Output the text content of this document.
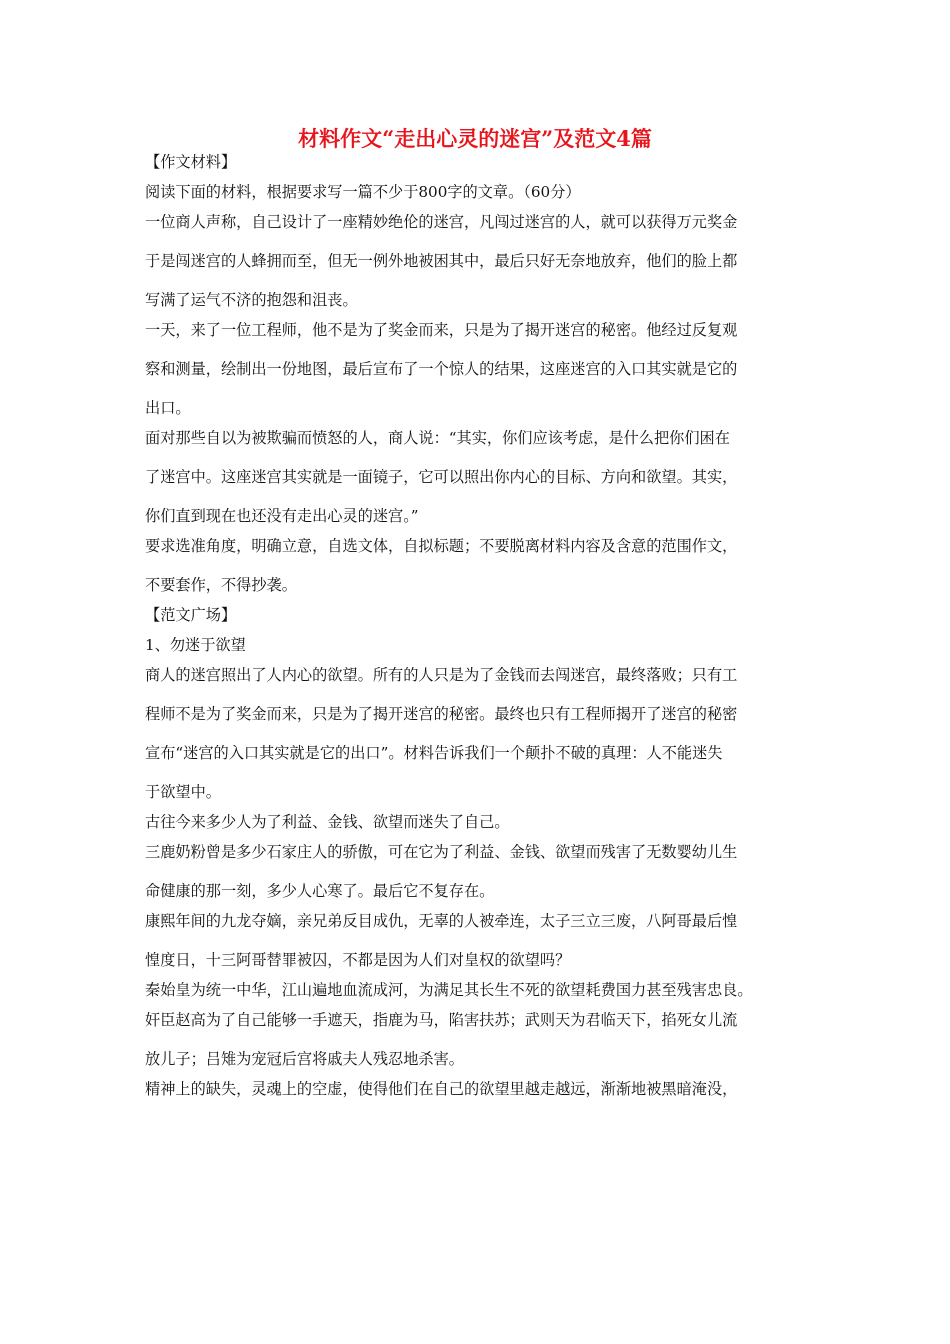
材料作文“走出心灵的迷宫”及范文4篇
【作文材料】
阅读下面的材料，根据要求写一篇不少于800字的文章。（60分）
一位商人声称，自己设计了一座精妙绝伦的迷宫，凡闯过迷宫的人，就可以获得万元奖金
于是闯迷宫的人蜂拥而至，但无一例外地被困其中，最后只好无奈地放弃，他们的脸上都
写满了运气不济的抱怨和沮丧。
一天，来了一位工程师，他不是为了奖金而来，只是为了揭开迷宫的秘密。他经过反复观
察和测量，绘制出一份地图，最后宣布了一个惊人的结果，这座迷宫的入口其实就是它的
出口。
面对那些自以为被欺骗而愤怒的人，商人说：“其实，你们应该考虑，是什么把你们困在
了迷宫中。这座迷宫其实就是一面镜子，它可以照出你内心的目标、方向和欲望。其实，
你们直到现在也还没有走出心灵的迷宫。”
要求选准角度，明确立意，自选文体，自拟标题；不要脱离材料内容及含意的范围作文，
不要套作，不得抄袭。
【范文广场】
1、勿迷于欲望
商人的迷宫照出了人内心的欲望。所有的人只是为了金钱而去闯迷宫，最终落败；只有工
程师不是为了奖金而来，只是为了揭开迷宫的秘密。最终也只有工程师揭开了迷宫的秘密
宣布“迷宫的入口其实就是它的出口”。材料告诉我们一个颠扑不破的真理：人不能迷失
于欲望中。
古往今来多少人为了利益、金钱、欲望而迷失了自己。
三鹿奶粉曾是多少石家庄人的骄傲，可在它为了利益、金钱、欲望而残害了无数婴幼儿生
命健康的那一刻，多少人心寒了。最后它不复存在。
康熙年间的九龙夺嫡，亲兄弟反目成仇，无辜的人被牵连，太子三立三废，八阿哥最后惶
惶度日，十三阿哥替罪被囚，不都是因为人们对皇权的欲望吗？
秦始皇为统一中华，江山遍地血流成河，为满足其长生不死的欲望耗费国力甚至残害忠良。
奸臣赵高为了自己能够一手遮天，指鹿为马，陷害扶苏；武则天为君临天下，掐死女儿流
放儿子；吕雉为宠冠后宫将戚夫人残忍地杀害。
精神上的缺失，灵魂上的空虚，使得他们在自己的欲望里越走越远，渐渐地被黑暗淹没，
